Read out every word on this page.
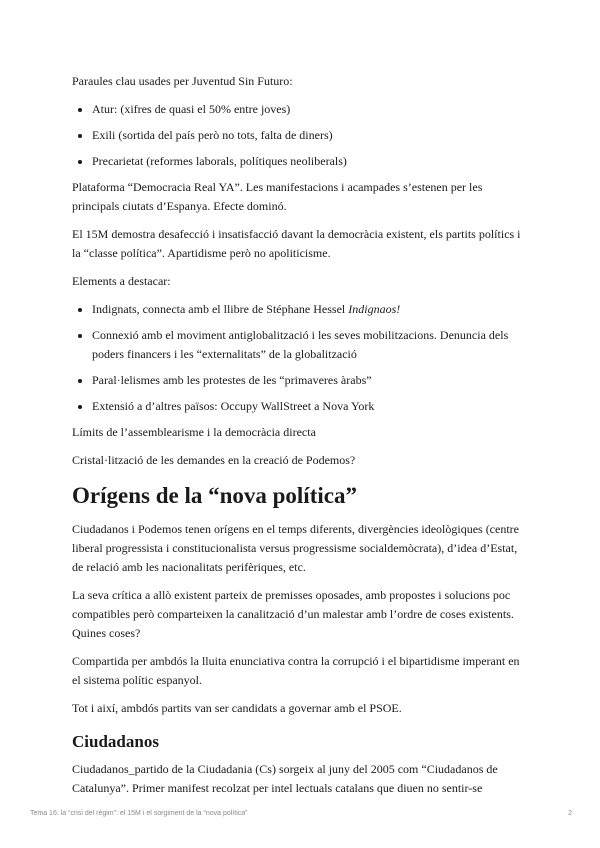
Paraules clau usades per Juventud Sin Futuro:

• Atur: (xifres de quasi el 50% entre joves)
• Exili (sortida del país però no tots, falta de diners)
• Precarietat (reformes laborals, polítiques neoliberals)

Plataforma “Democracia Real YA”. Les manifestacions i acampades s’estenen per les principals ciutats d’Espanya. Efecte dominó.

El 15M demostra desafecció i insatisfacció davant la democràcia existent, els partits polítics i la “classe política”. Apartidisme però no apoliticisme.

Elements a destacar:

• Indignats, connecta amb el llibre de Stéphane Hessel Indignaos!
• Connexió amb el moviment antiglobalització i les seves mobilitzacions. Denuncia dels poders financers i les “externalitats” de la globalització
• Paral·lelismes amb les protestes de les “primaveres àrabs”
• Extensió a d’altres països: Occupy WallStreet a Nova York

Límits de l’assemblearisme i la democràcia directa

Cristal·lització de les demandes en la creació de Podemos?

Orígens de la “nova política”

Ciudadanos i Podemos tenen orígens en el temps diferents, divergències ideològiques (centre liberal progressista i constitucionalista versus progressisme socialdemòcrata), d’idea d’Estat, de relació amb les nacionalitats perifèriques, etc.

La seva crítica a allò existent parteix de premisses oposades, amb propostes i solucions poc compatibles però comparteixen la canalització d’un malestar amb l’ordre de coses existents. Quines coses?

Compartida per ambdós la lluita enunciativa contra la corrupció i el bipartidisme imperant en el sistema polític espanyol.

Tot i així, ambdós partits van ser candidats a governar amb el PSOE.

Ciudadanos

Ciudadanos_partido de la Ciudadania (Cs) sorgeix al juny del 2005 com “Ciudadanos de Catalunya”. Primer manifest recolzat per intel lectuals catalans que diuen no sentir-se

Tema 16: la “crisi del règim”: el 15M i el sorgiment de la “nova política”	2
